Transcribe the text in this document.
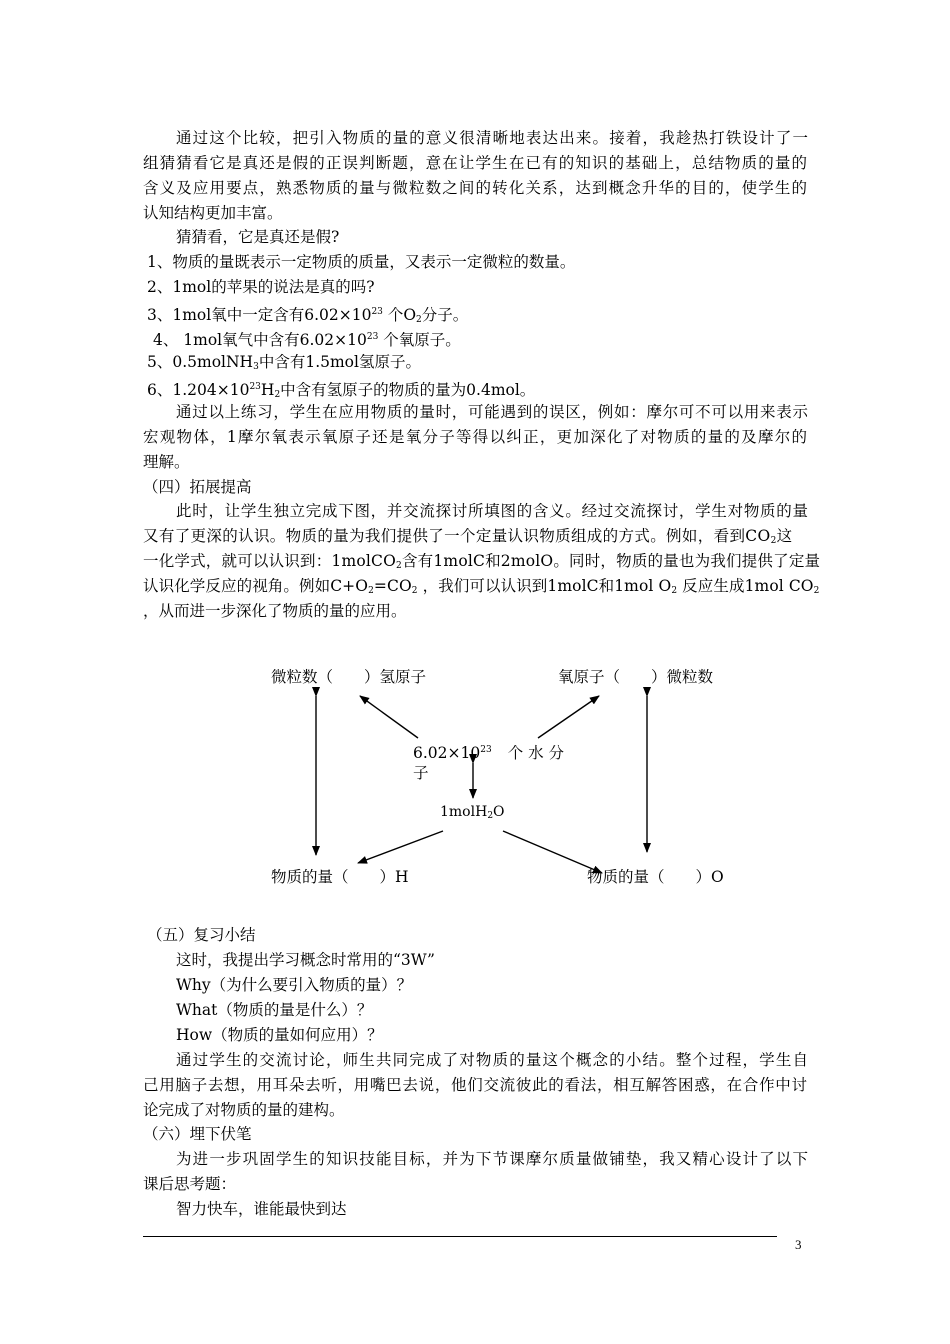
通过这个比较，把引入物质的量的意义很清晰地表达出来。接着，我趁热打铁设计了一
组猜猜看它是真还是假的正误判断题，意在让学生在已有的知识的基础上，总结物质的量的
含义及应用要点，熟悉物质的量与微粒数之间的转化关系，达到概念升华的目的，使学生的
认知结构更加丰富。
猜猜看，它是真还是假?
1、物质的量既表示一定物质的质量，又表示一定微粒的数量。
2、1mol的苹果的说法是真的吗?
3、1mol氧中一定含有$6.02\times 10^{23}$ 个$O_2$分子。
4、 1mol氧气中含有$6.02\times 10^{23}$ 个氧原子。
5、0.5molNH$_3$中含有1.5mol氢原子。
6、$1.204\times 10^{23}H_2$中含有氢原子的物质的量为0.4mol。
通过以上练习，学生在应用物质的量时，可能遇到的误区，例如：摩尔可不可以用来表示
宏观物体，1摩尔氧表示氧原子还是氧分子等得以纠正，更加深化了对物质的量的及摩尔的
理解。
（四）拓展提高
此时，让学生独立完成下图，并交流探讨所填图的含义。经过交流探讨，学生对物质的量
又有了更深的认识。物质的量为我们提供了一个定量认识物质组成的方式。例如，看到$CO_2$这
一化学式，就可以认识到：1molCO$_2$含有1molC和2molO。同时，物质的量也为我们提供了定量
认识化学反应的视角。例如$C+O_2=CO_2$ ，我们可以认识到1molC和1mol $O_2$ 反应生成1mol $CO_2$
，从而进一步深化了物质的量的应用。
微粒数（　　）氢原子	氧原子（　　）微粒数
$6.02\times 10^{23}$ 个 水 分
子
1molH$_2$O
物质的量（　　）H	物质的量（　　）O
（五）复习小结
这时，我提出学习概念时常用的“3W”
Why（为什么要引入物质的量）？
What（物质的量是什么）？
How（物质的量如何应用）？
通过学生的交流讨论，师生共同完成了对物质的量这个概念的小结。整个过程，学生自
己用脑子去想，用耳朵去听，用嘴巴去说，他们交流彼此的看法，相互解答困惑，在合作中讨
论完成了对物质的量的建构。
（六）埋下伏笔
为进一步巩固学生的知识技能目标，并为下节课摩尔质量做铺垫，我又精心设计了以下
课后思考题：
智力快车，谁能最快到达
3
